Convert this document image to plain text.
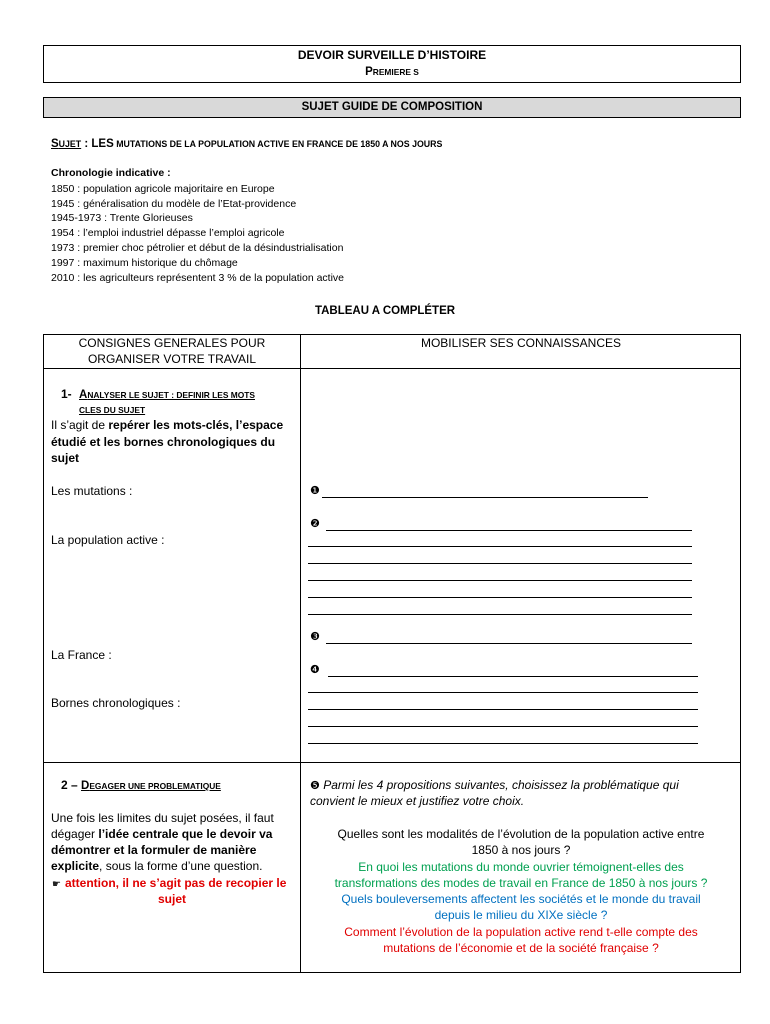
DEVOIR SURVEILLE D’HISTOIRE
PREMIERE S
SUJET GUIDE DE COMPOSITION
SUJET : LES MUTATIONS DE LA POPULATION ACTIVE EN FRANCE DE 1850 A NOS JOURS
Chronologie indicative :
1850 : population agricole majoritaire en Europe
1945 : généralisation du modèle de l’Etat-providence
1945-1973 : Trente Glorieuses
1954 : l’emploi industriel dépasse l’emploi agricole
1973 : premier choc pétrolier et début de la désindustrialisation
1997 : maximum historique du chômage
2010 : les agriculteurs représentent 3 % de la population active
TABLEAU A COMPLÉTER
CONSIGNES GENERALES POUR
ORGANISER VOTRE TRAVAIL
MOBILISER SES CONNAISSANCES
1- ANALYSER LE SUJET : DEFINIR LES MOTS
CLES DU SUJET
Il s’agit de repérer les mots-clés, l’espace
étudié et les bornes chronologiques du
sujet
Les mutations :
La population active :
La France :
Bornes chronologiques :
❶
❷
❸
❹
2 – DEGAGER UNE PROBLEMATIQUE
Une fois les limites du sujet posées, il faut
dégager l’idée centrale que le devoir va
démontrer et la formuler de manière
explicite, sous la forme d’une question.
☛
attention, il ne s’agit pas de recopier le
sujet
❺ Parmi les 4 propositions suivantes, choisissez la problématique qui
convient le mieux et justifiez votre choix.
Quelles sont les modalités de l’évolution de la population active entre
1850 à nos jours ?
En quoi les mutations du monde ouvrier témoignent-elles des
transformations des modes de travail en France de 1850 à nos jours ?
Quels bouleversements affectent les sociétés et le monde du travail
depuis le milieu du XIXe siècle ?
Comment l’évolution de la population active rend t-elle compte des
mutations de l’économie et de la société française ?
